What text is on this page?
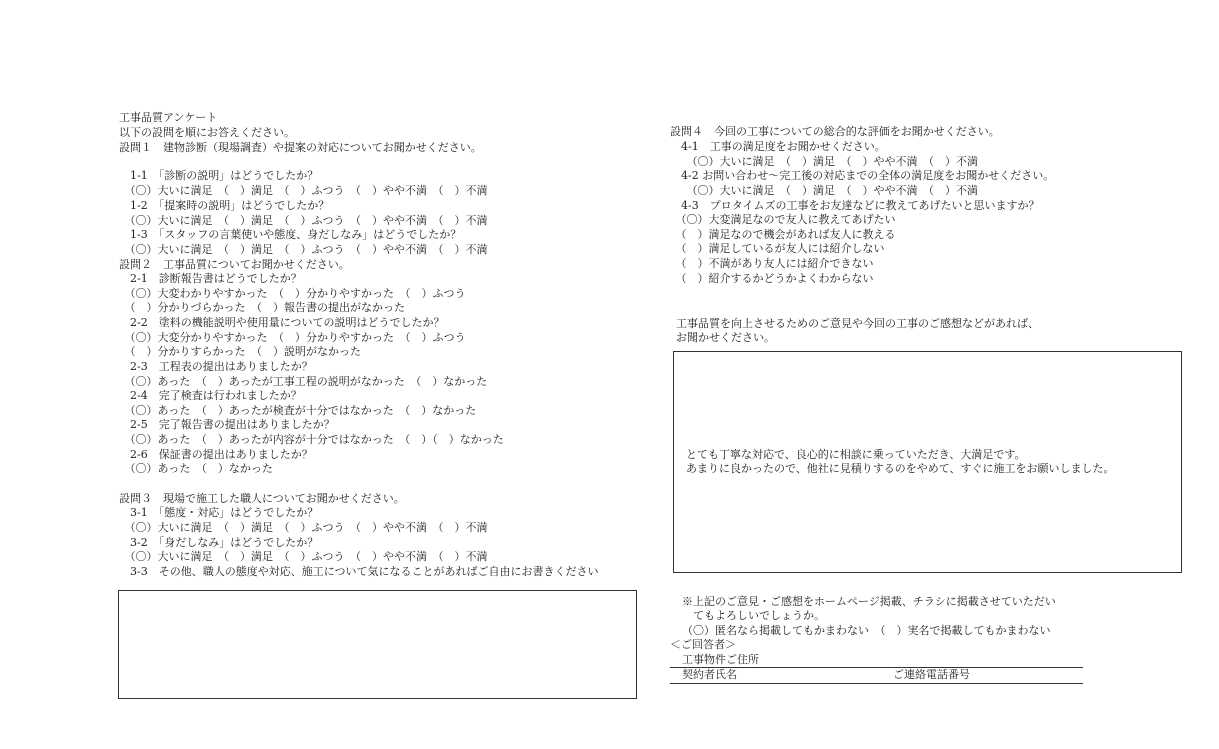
工事品質アンケート

以下の設問を順にお答えください。

設問１　建物診断（現場調査）や提案の対応についてお聞かせください。

　1-1　「診断の説明」はどうでしたか？

　（〇）大いに満足　（　）満足　（　）ふつう　（　）やや不満　（　）不満

　1-2　「提案時の説明」はどうでしたか？

　（〇）大いに満足　（　）満足　（　）ふつう　（　）やや不満　（　）不満

　1-3　「スタッフの言葉使いや態度、身だしなみ」はどうでしたか？

　（〇）大いに満足　（　）満足　（　）ふつう　（　）やや不満　（　）不満

設問２　工事品質についてお聞かせください。

　2-1　診断報告書はどうでしたか？

　（〇）大変わかりやすかった　（　）分かりやすかった　（　）ふつう

　（　）分かりづらかった　（　）報告書の提出がなかった

　2-2　塗料の機能説明や使用量についての説明はどうでしたか？

　（〇）大変分かりやすかった　（　）分かりやすかった　（　）ふつう

　（　）分かりすらかった　（　）説明がなかった

　2-3　工程表の提出はありましたか？

　（〇）あった　（　）あったが工事工程の説明がなかった　（　）なかった

　2-4　完了検査は行われましたか？

　（〇）あった　（　）あったが検査が十分ではなかった　（　）なかった

　2-5　完了報告書の提出はありましたか？

　（〇）あった　（　）あったが内容が十分ではなかった　（　）（　）なかった

　2-6　保証書の提出はありましたか？

　（〇）あった　（　）なかった

設問３　現場で施工した職人についてお聞かせください。

　3-1　「態度・対応」はどうでしたか？

　（〇）大いに満足　（　）満足　（　）ふつう　（　）やや不満　（　）不満

　3-2　「身だしなみ」はどうでしたか？

　（〇）大いに満足　（　）満足　（　）ふつう　（　）やや不満　（　）不満

　3-3　その他、職人の態度や対応、施工について気になることがあればご自由にお書きください

設問４　今回の工事についての総合的な評価をお聞かせください。

　4-1　工事の満足度をお聞かせください。

　　（〇）大いに満足　（　）満足　（　）やや不満　（　）不満

　4-2 お問い合わせ～完工後の対応までの全体の満足度をお聞かせください。

　　（〇）大いに満足　（　）満足　（　）やや不満　（　）不満

　4-3　プロタイムズの工事をお友達などに教えてあげたいと思いますか？

　（〇）大変満足なので友人に教えてあげたい

　（　）満足なので機会があれば友人に教える

　（　）満足しているが友人には紹介しない

　（　）不満があり友人には紹介できない

　（　）紹介するかどうかよくわからない

工事品質を向上させるためのご意見や今回の工事のご感想などがあれば、

お聞かせください。

とても丁寧な対応で、良心的に相談に乗っていただき、大満足です。

あまりに良かったので、他社に見積りするのをやめて、すぐに施工をお願いしました。

※上記のご意見・ご感想をホームページ掲載、チラシに掲載させていただい

　てもよろしいでしょうか。

（〇）匿名なら掲載してもかまわない　（　）実名で掲載してもかまわない

＜ご回答者＞

工事物件ご住所

契約者氏名	ご連絡電話番号
